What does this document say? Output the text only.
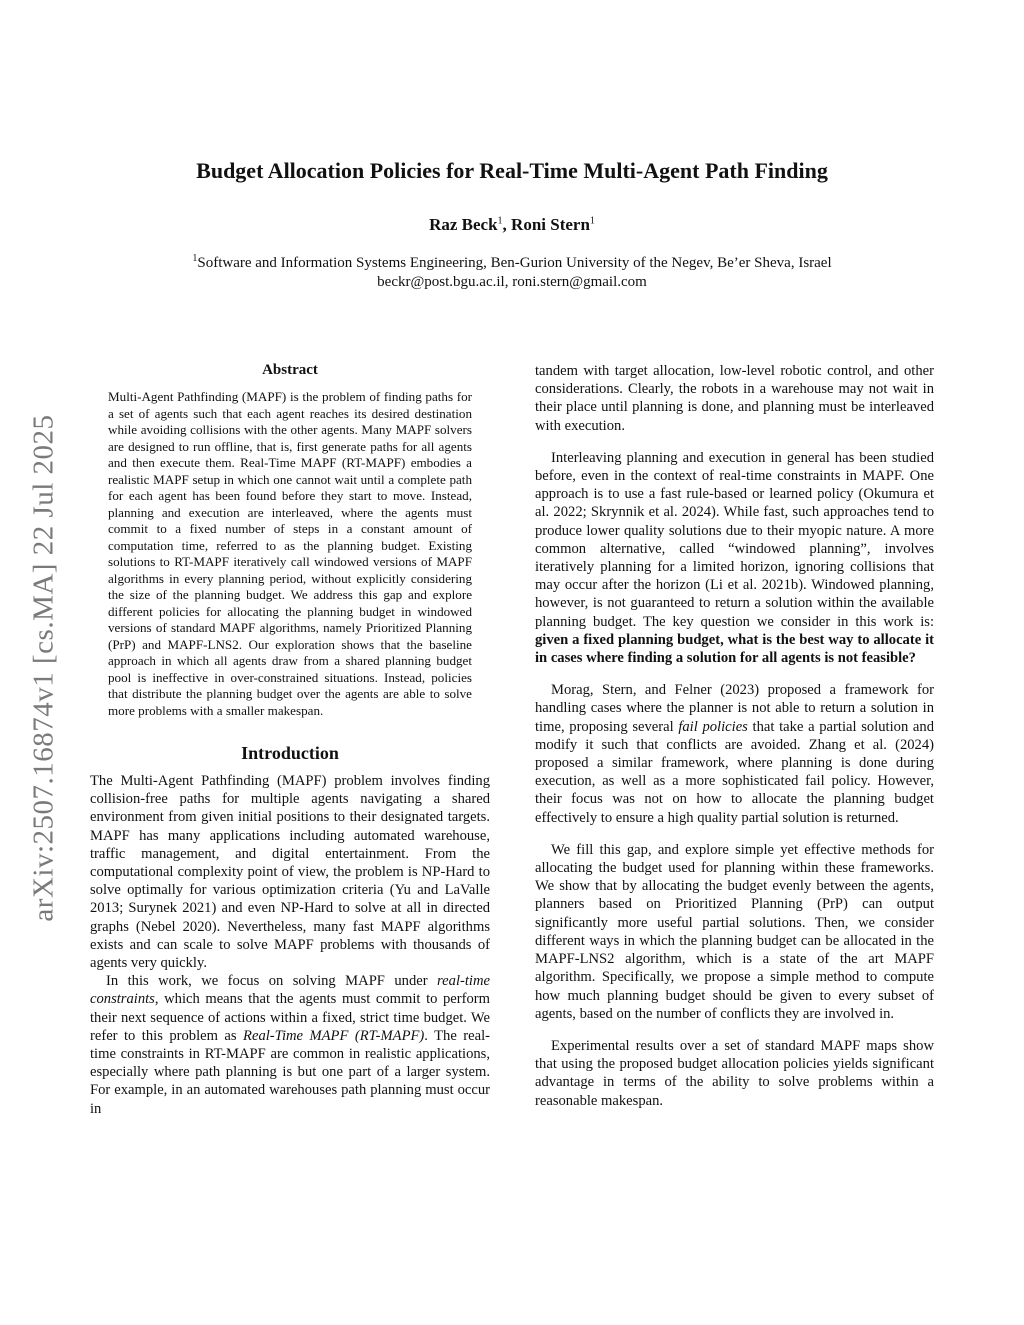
arXiv:2507.16874v1 [cs.MA] 22 Jul 2025
Budget Allocation Policies for Real-Time Multi-Agent Path Finding
Raz Beck$^1$, Roni Stern$^1$
$^1$Software and Information Systems Engineering, Ben-Gurion University of the Negev, Be’er Sheva, Israel
beckr@post.bgu.ac.il, roni.stern@gmail.com
Abstract

Multi-Agent Pathfinding (MAPF) is the problem of finding paths for a set of agents such that each agent reaches its desired destination while avoiding collisions with the other agents. Many MAPF solvers are designed to run offline, that is, first generate paths for all agents and then execute them. Real-Time MAPF (RT-MAPF) embodies a realistic MAPF setup in which one cannot wait until a complete path for each agent has been found before they start to move. Instead, planning and execution are interleaved, where the agents must commit to a fixed number of steps in a constant amount of computation time, referred to as the planning budget. Existing solutions to RT-MAPF iteratively call windowed versions of MAPF algorithms in every planning period, without explicitly considering the size of the planning budget. We address this gap and explore different policies for allocating the planning budget in windowed versions of standard MAPF algorithms, namely Prioritized Planning (PrP) and MAPF-LNS2. Our exploration shows that the baseline approach in which all agents draw from a shared planning budget pool is ineffective in over-constrained situations. Instead, policies that distribute the planning budget over the agents are able to solve more problems with a smaller makespan.

Introduction

The Multi-Agent Pathfinding (MAPF) problem involves finding collision-free paths for multiple agents navigating a shared environment from given initial positions to their designated targets. MAPF has many applications including automated warehouse, traffic management, and digital entertainment. From the computational complexity point of view, the problem is NP-Hard to solve optimally for various optimization criteria (Yu and LaValle 2013; Surynek 2021) and even NP-Hard to solve at all in directed graphs (Nebel 2020). Nevertheless, many fast MAPF algorithms exists and can scale to solve MAPF problems with thousands of agents very quickly.

In this work, we focus on solving MAPF under real-time constraints, which means that the agents must commit to perform their next sequence of actions within a fixed, strict time budget. We refer to this problem as Real-Time MAPF (RT-MAPF). The real-time constraints in RT-MAPF are common in realistic applications, especially where path planning is but one part of a larger system. For example, in an automated warehouses path planning must occur in

tandem with target allocation, low-level robotic control, and other considerations. Clearly, the robots in a warehouse may not wait in their place until planning is done, and planning must be interleaved with execution.

Interleaving planning and execution in general has been studied before, even in the context of real-time constraints in MAPF. One approach is to use a fast rule-based or learned policy (Okumura et al. 2022; Skrynnik et al. 2024). While fast, such approaches tend to produce lower quality solutions due to their myopic nature. A more common alternative, called “windowed planning”, involves iteratively planning for a limited horizon, ignoring collisions that may occur after the horizon (Li et al. 2021b). Windowed planning, however, is not guaranteed to return a solution within the available planning budget. The key question we consider in this work is: given a fixed planning budget, what is the best way to allocate it in cases where finding a solution for all agents is not feasible?

Morag, Stern, and Felner (2023) proposed a framework for handling cases where the planner is not able to return a solution in time, proposing several fail policies that take a partial solution and modify it such that conflicts are avoided. Zhang et al. (2024) proposed a similar framework, where planning is done during execution, as well as a more sophisticated fail policy. However, their focus was not on how to allocate the planning budget effectively to ensure a high quality partial solution is returned.

We fill this gap, and explore simple yet effective methods for allocating the budget used for planning within these frameworks. We show that by allocating the budget evenly between the agents, planners based on Prioritized Planning (PrP) can output significantly more useful partial solutions. Then, we consider different ways in which the planning budget can be allocated in the MAPF-LNS2 algorithm, which is a state of the art MAPF algorithm. Specifically, we propose a simple method to compute how much planning budget should be given to every subset of agents, based on the number of conflicts they are involved in.

Experimental results over a set of standard MAPF maps show that using the proposed budget allocation policies yields significant advantage in terms of the ability to solve problems within a reasonable makespan.
